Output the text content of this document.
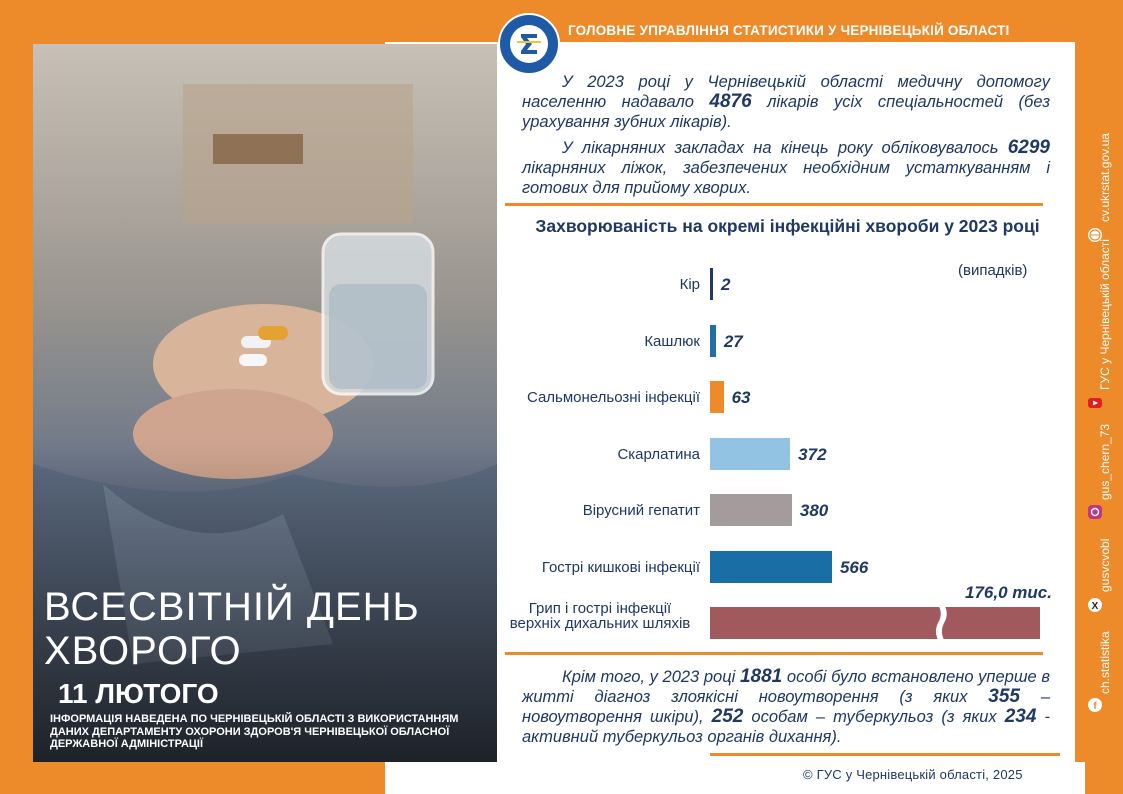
ГОЛОВНЕ УПРАВЛІННЯ СТАТИСТИКИ У ЧЕРНІВЕЦЬКІЙ ОБЛАСТІ
ВСЕСВІТНІЙ ДЕНЬ
ХВОРОГО
11 ЛЮТОГО
ІНФОРМАЦІЯ НАВЕДЕНА ПО ЧЕРНІВЕЦЬКІЙ ОБЛАСТІ З ВИКОРИСТАННЯМ ДАНИХ ДЕПАРТАМЕНТУ ОХОРОНИ ЗДОРОВ'Я ЧЕРНІВЕЦЬКОЇ ОБЛАСНОЇ ДЕРЖАВНОЇ АДМІНІСТРАЦІЇ
У 2023 році у Чернівецькій області медичну допомогу населенню надавало 4876 лікарів усіх спеціальностей (без урахування зубних лікарів).
У лікарняних закладах на кінець року обліковувалось 6299 лікарняних ліжок, забезпечених необхідним устаткуванням і готових для прийому хворих.
Захворюваність на окремі інфекційні хвороби у 2023 році
(випадків)
Кір 2
Кашлюк 27
Сальмонельозні інфекції 63
Скарлатина	372
Вірусний гепатит	380
Гострі кишкові інфекції	566
Грип і гострі інфекції верхніх дихальних шляхів
176,0 тис.
Крім того, у 2023 році 1881 особі було встановлено уперше в житті діагноз злоякісні новоутворення (з яких 355 – новоутворення шкіри), 252 особам – туберкульоз (з яких 234 - активний туберкульоз органів дихання).
© ГУС у Чернівецькій області, 2025
f
ch.statistika
X
gusvcvobl
gus_chern_73
ГУС у Чернівецькій області
cv.ukrstat.gov.ua
